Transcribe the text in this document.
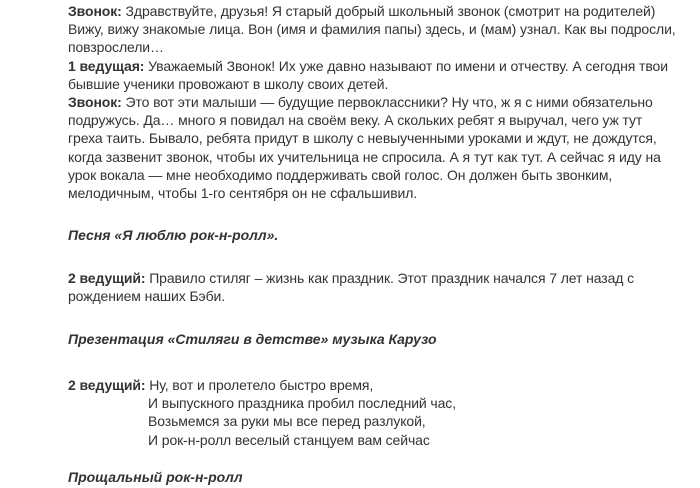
Звонок: Здравствуйте, друзья! Я старый добрый школьный звонок (смотрит на родителей)
Вижу, вижу знакомые лица. Вон (имя и фамилия папы) здесь, и (мам) узнал. Как вы подросли,
повзрослели…
1 ведущая: Уважаемый Звонок! Их уже давно называют по имени и отчеству. А сегодня твои
бывшие ученики провожают в школу своих детей.
Звонок: Это вот эти малыши — будущие первоклассники? Ну что, ж я с ними обязательно
подружусь. Да… много я повидал на своём веку. А скольких ребят я выручал, чего уж тут
греха таить. Бывало, ребята придут в школу с невыученными уроками и ждут, не дождутся,
когда зазвенит звонок, чтобы их учительница не спросила. А я тут как тут. А сейчас я иду на
урок вокала — мне необходимо поддерживать свой голос. Он должен быть звонким,
мелодичным, чтобы 1-го сентября он не сфальшивил.
Песня «Я люблю рок-н-ролл».
2 ведущий: Правило стиляг – жизнь как праздник. Этот праздник начался 7 лет назад с
рождением наших Бэби.
Презентация «Стиляги в детстве» музыка Карузо
2 ведущий: Ну, вот и пролетело быстро время,
И выпускного праздника пробил последний час,
Возьмемся за руки мы все перед разлукой,
И рок-н-ролл веселый станцуем вам сейчас
Прощальный рок-н-ролл
